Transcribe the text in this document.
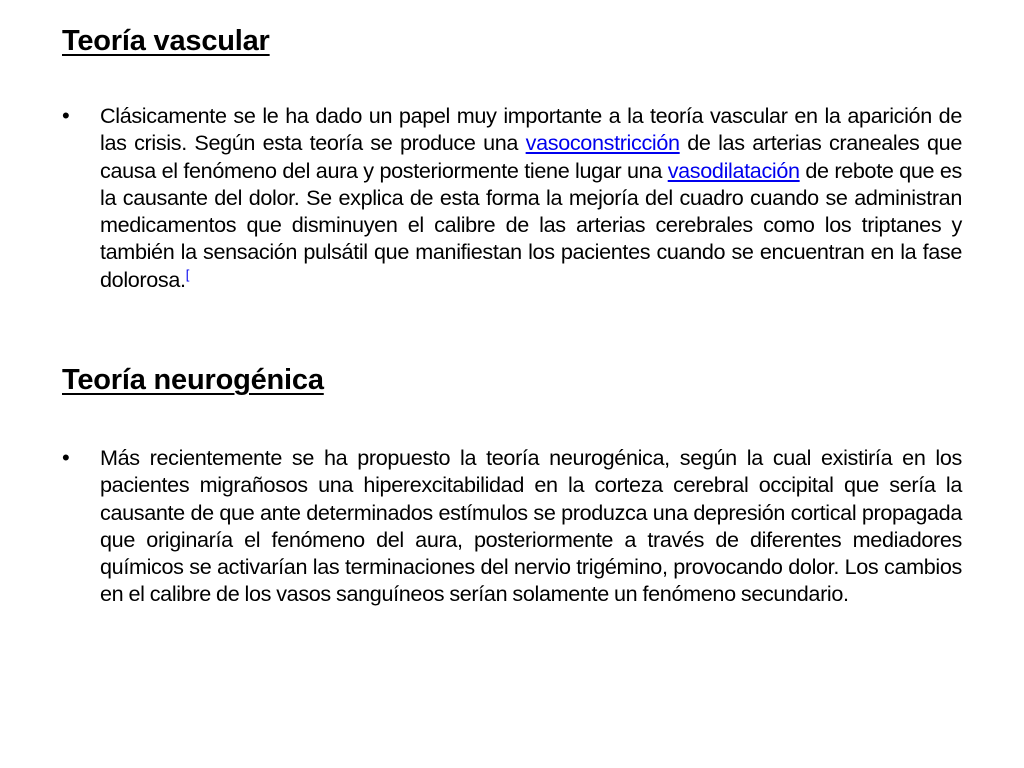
Teoría vascular
•	Clásicamente se le ha dado un papel muy importante a la teoría vascular en la aparición de las crisis. Según esta teoría se produce una vasoconstricción de las arterias craneales que causa el fenómeno del aura y posteriormente tiene lugar una vasodilatación de rebote que es la causante del dolor. Se explica de esta forma la mejoría del cuadro cuando se administran medicamentos que disminuyen el calibre de las arterias cerebrales como los triptanes y también la sensación pulsátil que manifiestan los pacientes cuando se encuentran en la fase dolorosa.[

Teoría neurogénica
•	Más recientemente se ha propuesto la teoría neurogénica, según la cual existiría en los pacientes migrañosos una hiperexcitabilidad en la corteza cerebral occipital que sería la causante de que ante determinados estímulos se produzca una depresión cortical propagada que originaría el fenómeno del aura, posteriormente a través de diferentes mediadores químicos se activarían las terminaciones del nervio trigémino, provocando dolor. Los cambios en el calibre de los vasos sanguíneos serían solamente un fenómeno secundario.
